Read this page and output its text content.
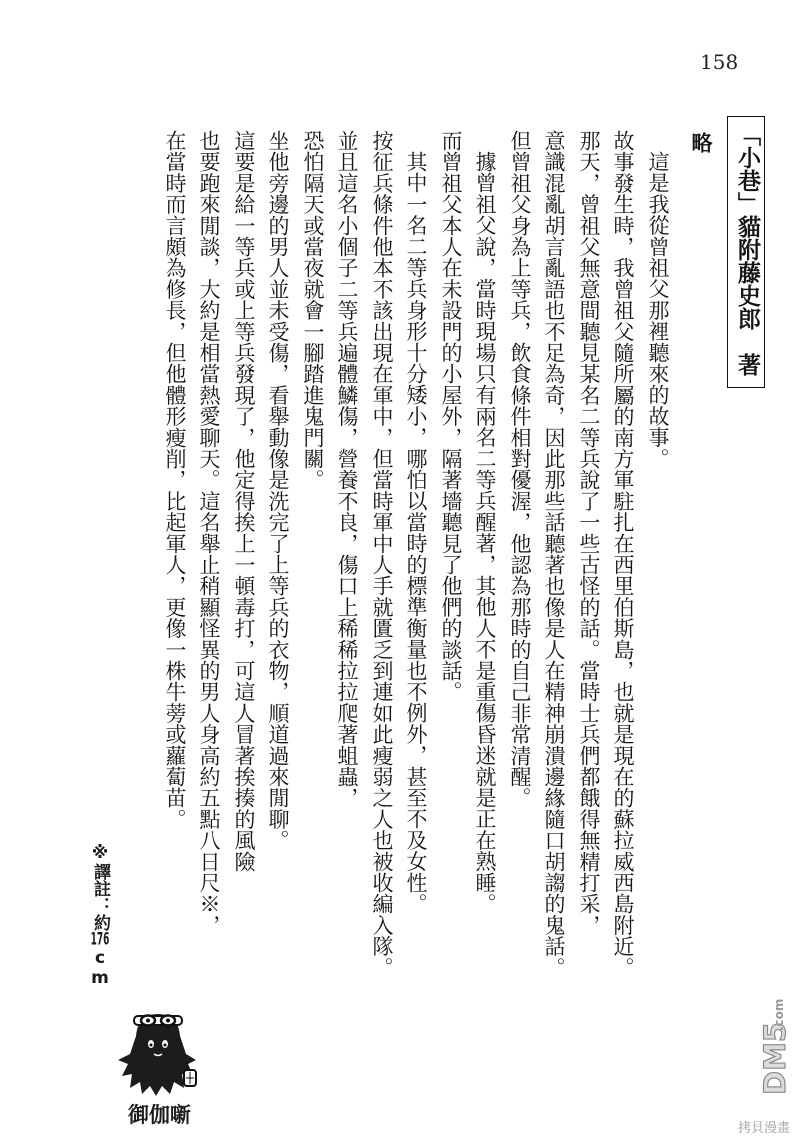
158
「小巷」貓附藤史郎著
略
這是我從曾祖父那裡聽來的故事。
故事發生時，我曾祖父隨所屬的南方軍駐扎在西里伯斯島，也就是現在的蘇拉威西島附近。
那天，曾祖父無意間聽見某名二等兵說了一些古怪的話。當時士兵們都餓得無精打采，
意識混亂胡言亂語也不足為奇，因此那些話聽著也像是人在精神崩潰邊緣隨口胡謅的鬼話。
但曾祖父身為上等兵，飲食條件相對優渥，他認為那時的自己非常清醒。
據曾祖父說，當時現場只有兩名二等兵醒著，其他人不是重傷昏迷就是正在熟睡。
而曾祖父本人在未設門的小屋外，隔著墻聽見了他們的談話。
其中一名二等兵身形十分矮小，哪怕以當時的標準衡量也不例外，甚至不及女性。
按征兵條件他本不該出現在軍中，但當時軍中人手就匱乏到連如此瘦弱之人也被收編入隊。
並且這名小個子二等兵遍體鱗傷，營養不良，傷口上稀稀拉拉爬著蛆蟲，
恐怕隔天或當夜就會一腳踏進鬼門關。
坐他旁邊的男人並未受傷，看舉動像是洗完了上等兵的衣物，順道過來閒聊。
這要是給一等兵或上等兵發現了，他定得挨上一頓毒打，可這人冒著挨揍的風險
也要跑來閒談，大約是相當熱愛聊天。這名舉止稍顯怪異的男人身高約五點八日尺※，
在當時而言頗為修長，但他體形瘦削，比起軍人，更像一株牛蒡或蘿蔔苗。
※譯註：約176cm
御伽噺
DM5
.com
拷貝漫畫
